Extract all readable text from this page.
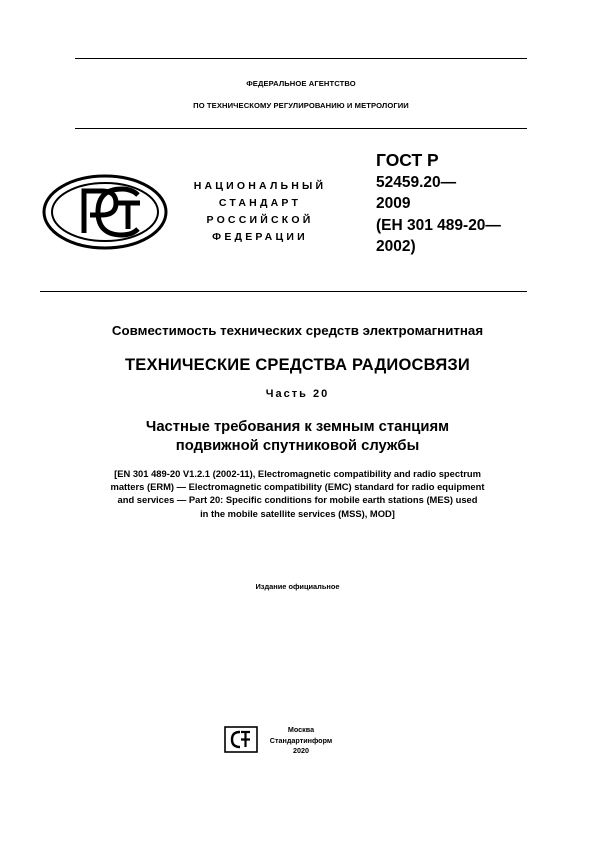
ФЕДЕРАЛЬНОЕ АГЕНТСТВО
ПО ТЕХНИЧЕСКОМУ РЕГУЛИРОВАНИЮ И МЕТРОЛОГИИ
НАЦИОНАЛЬНЫЙ
СТАНДАРТ
РОССИЙСКОЙ
ФЕДЕРАЦИИ
ГОСТ Р
52459.20—
2009
(ЕН 301 489-20—
2002)
Совместимость технических средств электромагнитная
ТЕХНИЧЕСКИЕ СРЕДСТВА РАДИОСВЯЗИ
Часть 20
Частные требования к земным станциям
подвижной спутниковой службы
[EN 301 489-20 V1.2.1 (2002-11), Electromagnetic compatibility and radio spectrum
matters (ERM) — Electromagnetic compatibility (EMC) standard for radio equipment
and services — Part 20: Specific conditions for mobile earth stations (MES) used
in the mobile satellite services (MSS), MOD]
Издание официальное
Москва
Стандартинформ
2020
